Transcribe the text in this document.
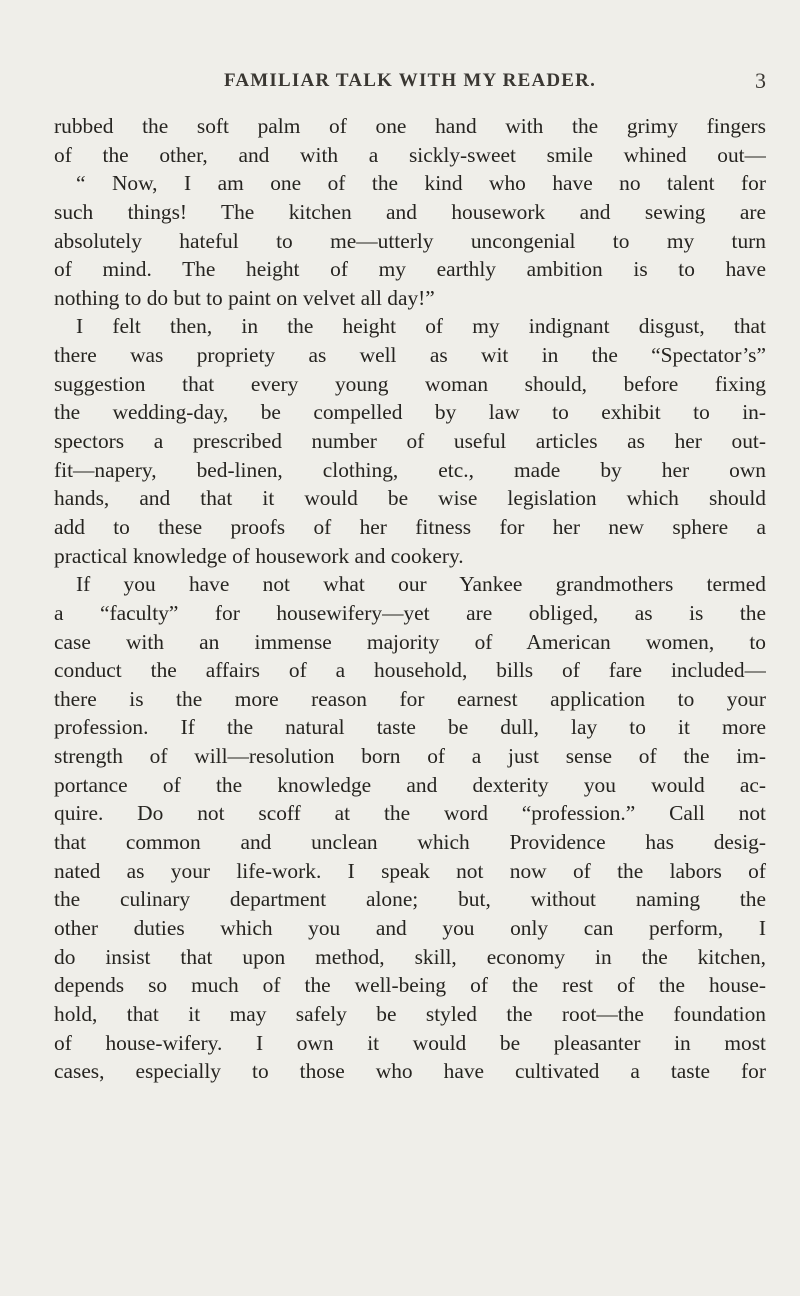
FAMILIAR TALK WITH MY READER.	3
rubbed the soft palm of one hand with the grimy fingers
of the other, and with a sickly-sweet smile whined out—
“ Now, I am one of the kind who have no talent for
such things! The kitchen and housework and sewing are
absolutely hateful to me—utterly uncongenial to my turn
of mind. The height of my earthly ambition is to have
nothing to do but to paint on velvet all day!”
I felt then, in the height of my indignant disgust, that
there was propriety as well as wit in the “Spectator’s”
suggestion that every young woman should, before fixing
the wedding-day, be compelled by law to exhibit to in-
spectors a prescribed number of useful articles as her out-
fit—napery, bed-linen, clothing, etc., made by her own
hands, and that it would be wise legislation which should
add to these proofs of her fitness for her new sphere a
practical knowledge of housework and cookery.
If you have not what our Yankee grandmothers termed
a “faculty” for housewifery—yet are obliged, as is the
case with an immense majority of American women, to
conduct the affairs of a household, bills of fare included—
there is the more reason for earnest application to your
profession. If the natural taste be dull, lay to it more
strength of will—resolution born of a just sense of the im-
portance of the knowledge and dexterity you would ac-
quire. Do not scoff at the word “profession.” Call not
that common and unclean which Providence has desig-
nated as your life-work. I speak not now of the labors of
the culinary department alone; but, without naming the
other duties which you and you only can perform, I
do insist that upon method, skill, economy in the kitchen,
depends so much of the well-being of the rest of the house-
hold, that it may safely be styled the root—the foundation
of house-wifery. I own it would be pleasanter in most
cases, especially to those who have cultivated a taste for
